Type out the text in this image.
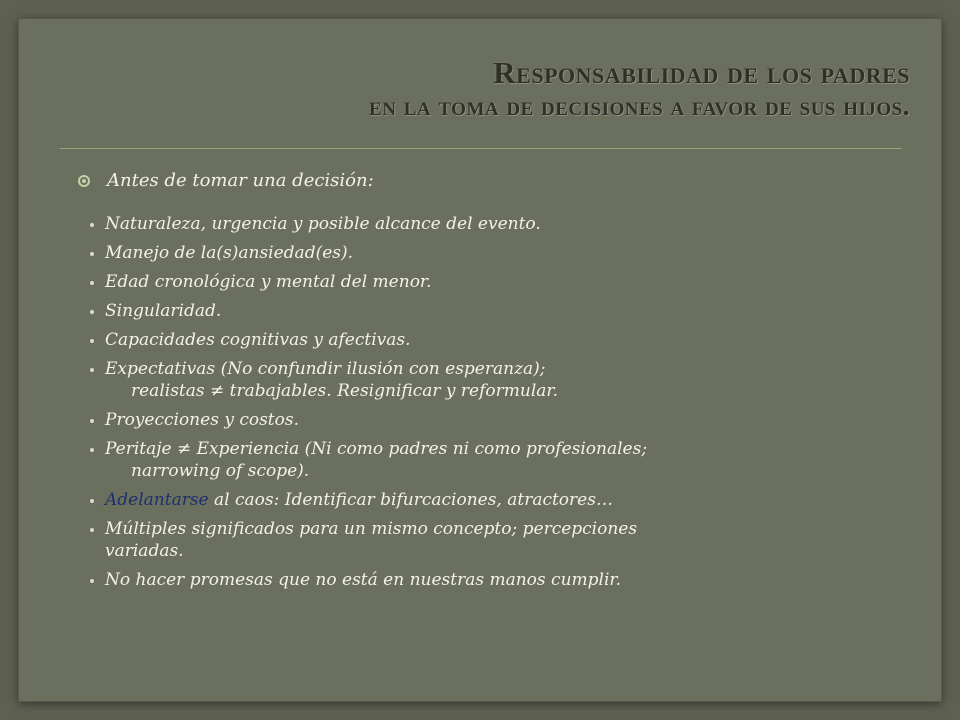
Responsabilidad de los padres
en la toma de decisiones a favor de sus hijos.
Antes de tomar una decisión:
Naturaleza, urgencia y posible alcance del evento.
Manejo de la(s)ansiedad(es).
Edad cronológica y mental del menor.
Singularidad.
Capacidades cognitivas y afectivas.
Expectativas (No confundir ilusión con esperanza);
realistas ≠ trabajables. Resignificar y reformular.
Proyecciones y costos.
Peritaje ≠ Experiencia (Ni como padres ni como profesionales;
narrowing of scope).
Adelantarse al caos: Identificar bifurcaciones, atractores…
Múltiples significados para un mismo concepto; percepciones
variadas.
No hacer promesas que no está en nuestras manos cumplir.
